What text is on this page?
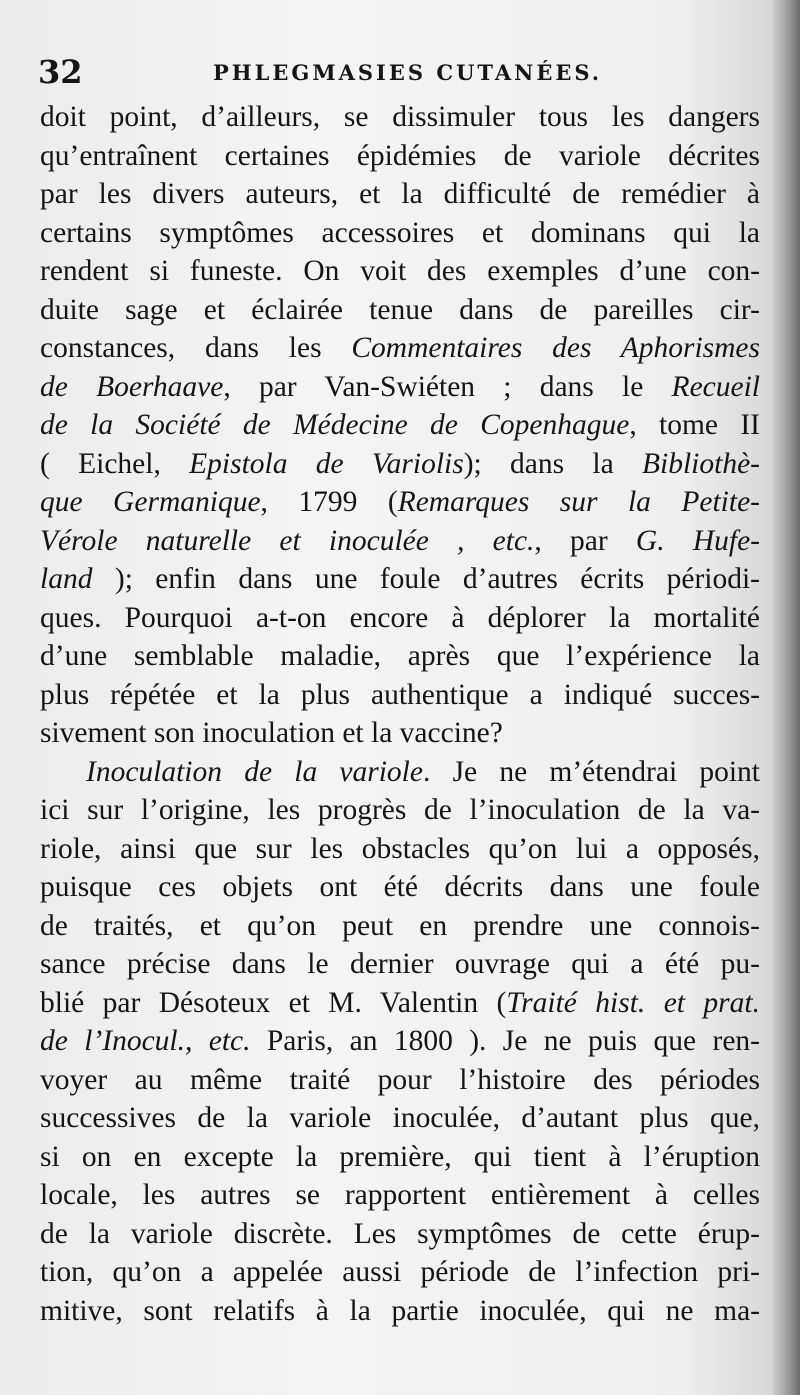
32	PHLEGMASIES CUTANÉES.
doit point, d’ailleurs, se dissimuler tous les dangers
qu’entraînent certaines épidémies de variole décrites
par les divers auteurs, et la difficulté de remédier à
certains symptômes accessoires et dominans qui la
rendent si funeste. On voit des exemples d’une con-
duite sage et éclairée tenue dans de pareilles cir-
constances, dans les Commentaires des Aphorismes
de Boerhaave, par Van-Swiéten ; dans le Recueil
de la Société de Médecine de Copenhague, tome II
( Eichel, Epistola de Variolis); dans la Bibliothè-
que Germanique, 1799 (Remarques sur la Petite-
Vérole naturelle et inoculée , etc., par G. Hufe-
land ); enfin dans une foule d’autres écrits périodi-
ques. Pourquoi a-t-on encore à déplorer la mortalité
d’une semblable maladie, après que l’expérience la
plus répétée et la plus authentique a indiqué succes-
sivement son inoculation et la vaccine?
Inoculation de la variole. Je ne m’étendrai point
ici sur l’origine, les progrès de l’inoculation de la va-
riole, ainsi que sur les obstacles qu’on lui a opposés,
puisque ces objets ont été décrits dans une foule
de traités, et qu’on peut en prendre une connois-
sance précise dans le dernier ouvrage qui a été pu-
blié par Désoteux et M. Valentin (Traité hist. et prat.
de l’Inocul., etc. Paris, an 1800 ). Je ne puis que ren-
voyer au même traité pour l’histoire des périodes
successives de la variole inoculée, d’autant plus que,
si on en excepte la première, qui tient à l’éruption
locale, les autres se rapportent entièrement à celles
de la variole discrète. Les symptômes de cette érup-
tion, qu’on a appelée aussi période de l’infection pri-
mitive, sont relatifs à la partie inoculée, qui ne ma-
